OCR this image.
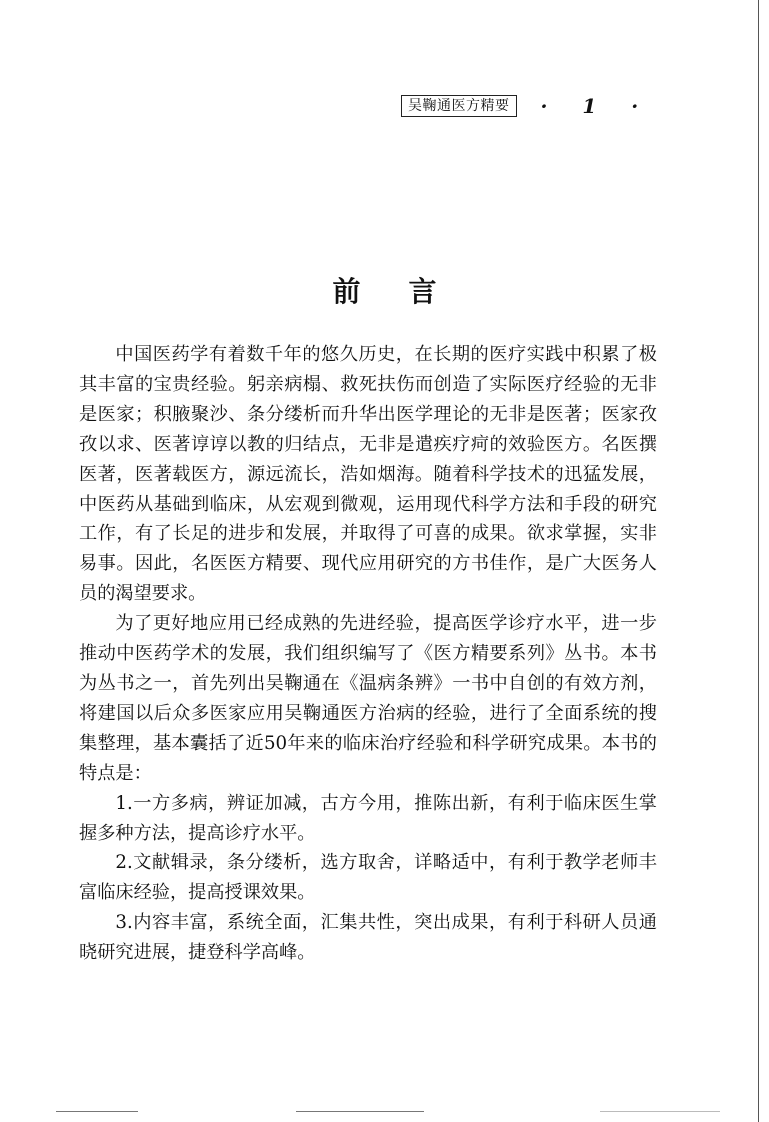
吴鞠通医方精要	· 1 ·
前言

中国医药学有着数千年的悠久历史，在长期的医疗实践中积累了极其丰富的宝贵经验。躬亲病榻、救死扶伤而创造了实际医疗经验的无非是医家；积腋聚沙、条分缕析而升华出医学理论的无非是医著；医家孜孜以求、医著谆谆以教的归结点，无非是遣疾疗疴的效验医方。名医撰医著，医著载医方，源远流长，浩如烟海。随着科学技术的迅猛发展，中医药从基础到临床，从宏观到微观，运用现代科学方法和手段的研究工作，有了长足的进步和发展，并取得了可喜的成果。欲求掌握，实非易事。因此，名医医方精要、现代应用研究的方书佳作，是广大医务人员的渴望要求。

为了更好地应用已经成熟的先进经验，提高医学诊疗水平，进一步推动中医药学术的发展，我们组织编写了《医方精要系列》丛书。本书为丛书之一，首先列出吴鞠通在《温病条辨》一书中自创的有效方剂，将建国以后众多医家应用吴鞠通医方治病的经验，进行了全面系统的搜集整理，基本囊括了近50年来的临床治疗经验和科学研究成果。本书的特点是：

1.一方多病，辨证加减，古方今用，推陈出新，有利于临床医生掌握多种方法，提高诊疗水平。

2.文献辑录，条分缕析，选方取舍，详略适中，有利于教学老师丰富临床经验，提高授课效果。

3.内容丰富，系统全面，汇集共性，突出成果，有利于科研人员通晓研究进展，捷登科学高峰。
